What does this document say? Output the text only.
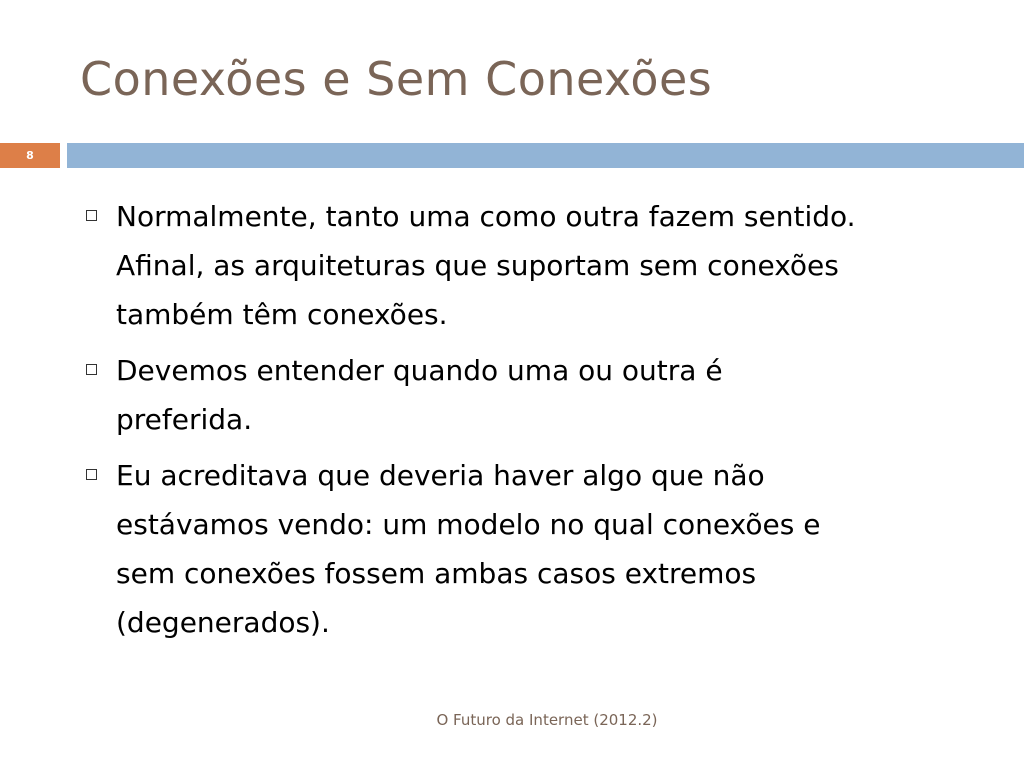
Conexões e Sem Conexões
8
Normalmente, tanto uma como outra fazem sentido.
Afinal, as arquiteturas que suportam sem conexões
também têm conexões.
Devemos entender quando uma ou outra é
preferida.
Eu acreditava que deveria haver algo que não
estávamos vendo: um modelo no qual conexões e
sem conexões fossem ambas casos extremos
(degenerados).
O Futuro da Internet (2012.2)
